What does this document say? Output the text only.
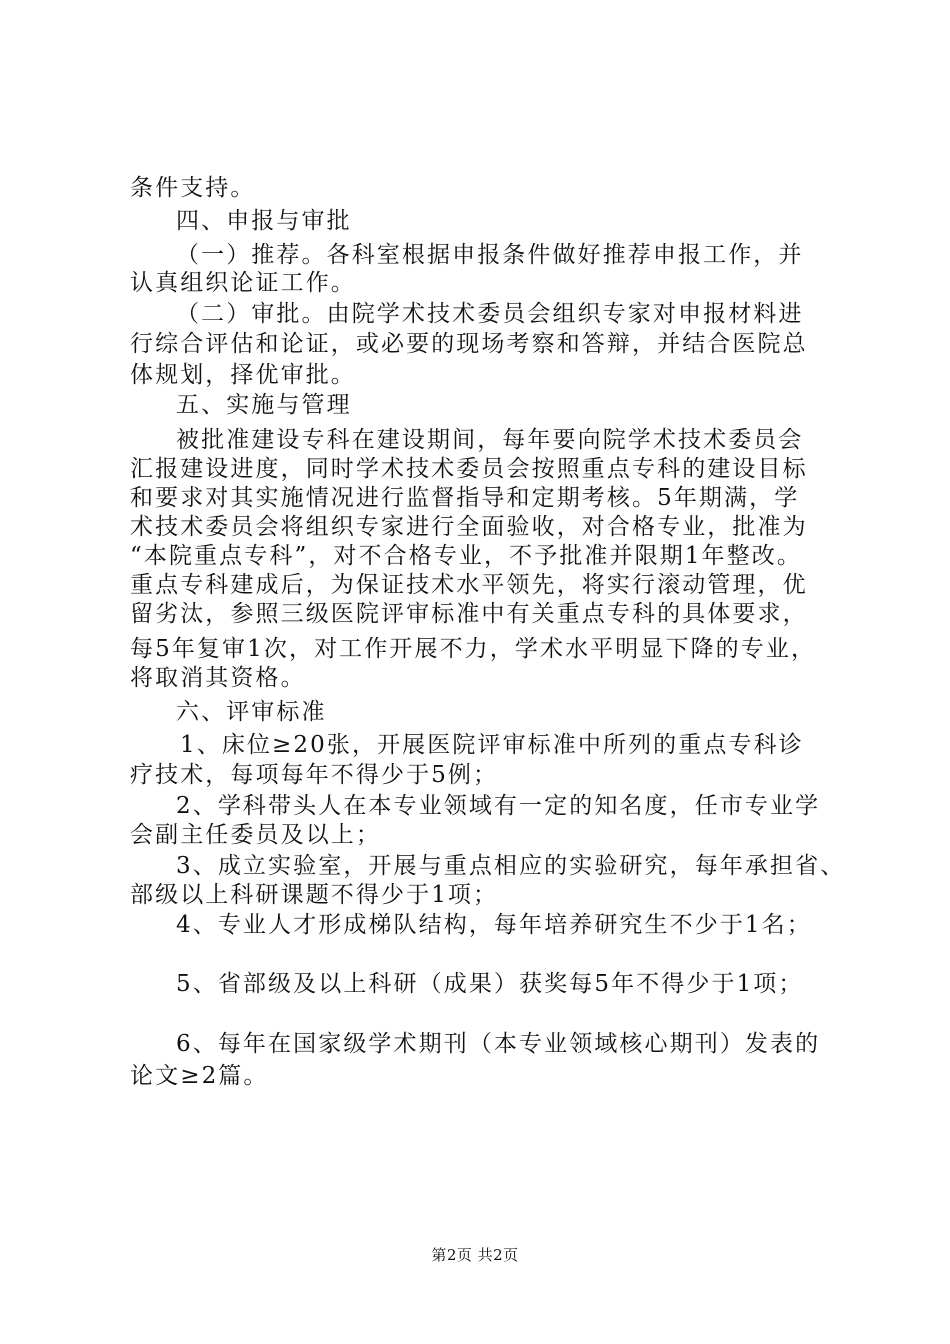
条件支持。
四、申报与审批
（一）推荐。各科室根据申报条件做好推荐申报工作，并
认真组织论证工作。
（二）审批。由院学术技术委员会组织专家对申报材料进
行综合评估和论证，或必要的现场考察和答辩，并结合医院总
体规划，择优审批。
五、实施与管理
被批准建设专科在建设期间，每年要向院学术技术委员会
汇报建设进度，同时学术技术委员会按照重点专科的建设目标
和要求对其实施情况进行监督指导和定期考核。5年期满，学
术技术委员会将组织专家进行全面验收，对合格专业，批准为
“本院重点专科”，对不合格专业，不予批准并限期1年整改。
重点专科建成后，为保证技术水平领先，将实行滚动管理，优
留劣汰，参照三级医院评审标准中有关重点专科的具体要求，
每5年复审1次，对工作开展不力，学术水平明显下降的专业，
将取消其资格。
六、评审标准
1、床位≥20张，开展医院评审标准中所列的重点专科诊
疗技术，每项每年不得少于5例；
2、学科带头人在本专业领域有一定的知名度，任市专业学
会副主任委员及以上；
3、成立实验室，开展与重点相应的实验研究，每年承担省、
部级以上科研课题不得少于1项；
4、专业人才形成梯队结构，每年培养研究生不少于1名；
5、省部级及以上科研（成果）获奖每5年不得少于1项；
6、每年在国家级学术期刊（本专业领域核心期刊）发表的
论文≥2篇。
第2页 共2页
